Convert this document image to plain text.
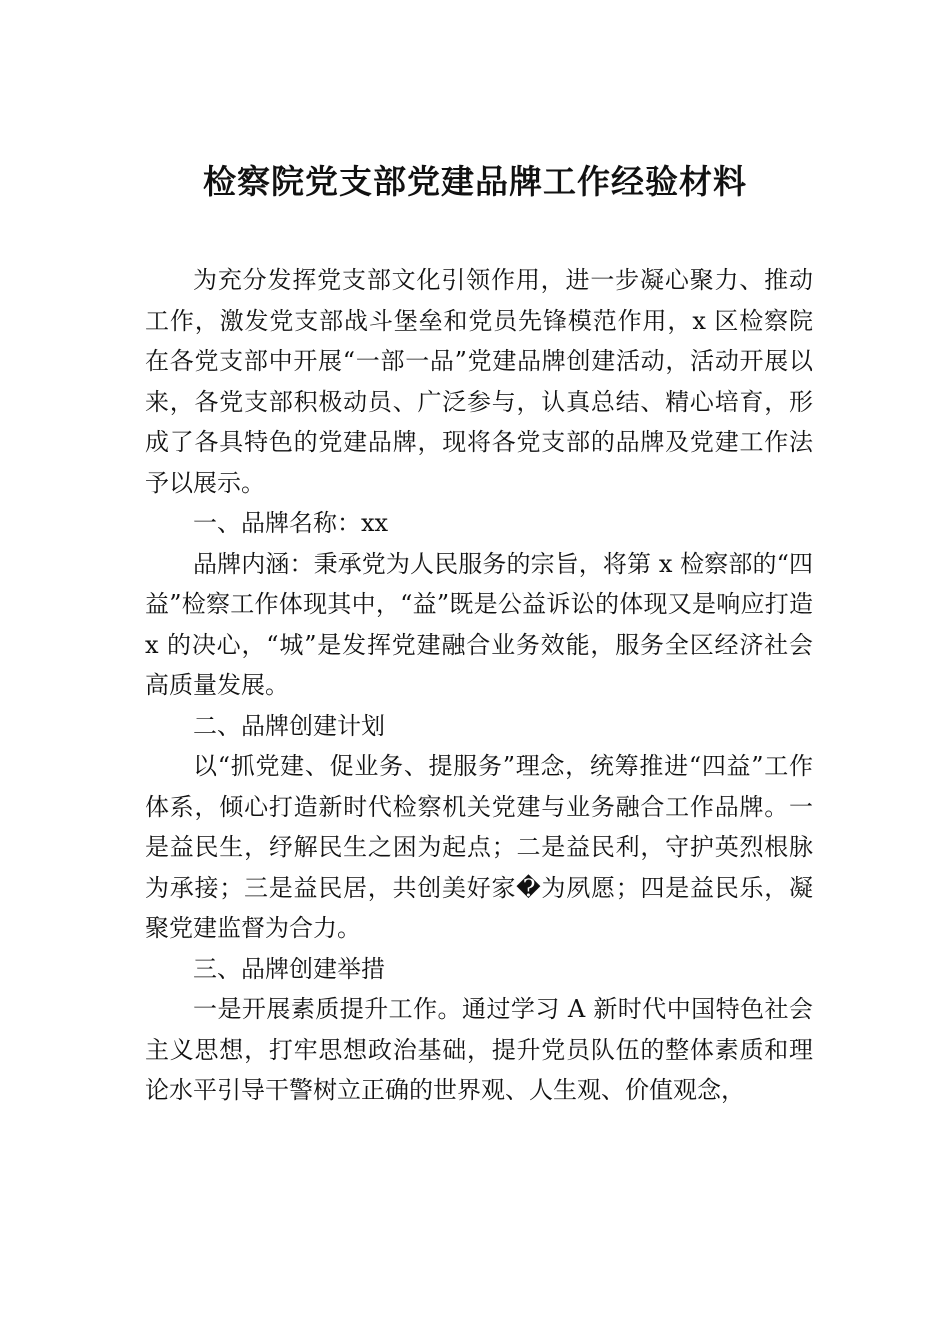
检察院党支部党建品牌工作经验材料

为充分发挥党支部文化引领作用，进一步凝心聚力、推动工作，激发党支部战斗堡垒和党员先锋模范作用，x 区检察院在各党支部中开展“一部一品”党建品牌创建活动，活动开展以来，各党支部积极动员、广泛参与，认真总结、精心培育，形成了各具特色的党建品牌，现将各党支部的品牌及党建工作法予以展示。

一、品牌名称：xx

品牌内涵：秉承党为人民服务的宗旨，将第 x 检察部的“四益”检察工作体现其中，“益”既是公益诉讼的体现又是响应打造 x 的决心，“城”是发挥党建融合业务效能，服务全区经济社会高质量发展。

二、品牌创建计划

以“抓党建、促业务、提服务”理念，统筹推进“四益”工作体系，倾心打造新时代检察机关党建与业务融合工作品牌。一是益民生，纾解民生之困为起点；二是益民利，守护英烈根脉为承接；三是益民居，共创美好家�为夙愿；四是益民乐，凝聚党建监督为合力。

三、品牌创建举措

一是开展素质提升工作。通过学习 A 新时代中国特色社会主义思想，打牢思想政治基础，提升党员队伍的整体素质和理论水平引导干警树立正确的世界观、人生观、价值观念，
